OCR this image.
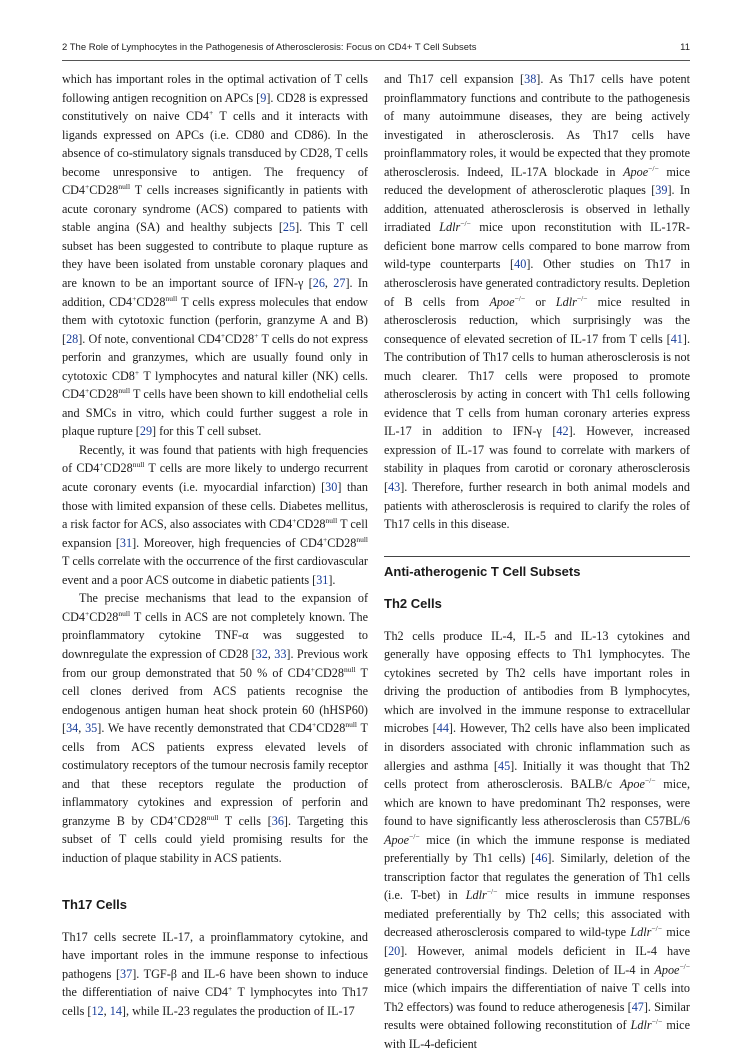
2 The Role of Lymphocytes in the Pathogenesis of Atherosclerosis: Focus on CD4+ T Cell Subsets	11

which has important roles in the optimal activation of T cells following antigen recognition on APCs [9]. CD28 is expressed constitutively on naive CD4+ T cells and it interacts with ligands expressed on APCs (i.e. CD80 and CD86). In the absence of co-stimulatory signals transduced by CD28, T cells become unresponsive to antigen. The frequency of $CD4^+CD28^{null}$ T cells increases significantly in patients with acute coronary syndrome (ACS) compared to patients with stable angina (SA) and healthy subjects [25]. This T cell subset has been suggested to contribute to plaque rupture as they have been isolated from unstable coronary plaques and are known to be an important source of IFN-γ [26, 27]. In addition, $CD4^+CD28^{null}$ T cells express molecules that endow them with cytotoxic function (perforin, granzyme A and B) [28]. Of note, conventional CD4+CD28+ T cells do not express perforin and granzymes, which are usually found only in cytotoxic CD8+ T lymphocytes and natural killer (NK) cells. $CD4^+CD28^{null}$ T cells have been shown to kill endothelial cells and SMCs in vitro, which could further suggest a role in plaque rupture [29] for this T cell subset.

Recently, it was found that patients with high frequencies of $CD4^+CD28^{null}$ T cells are more likely to undergo recurrent acute coronary events (i.e. myocardial infarction) [30] than those with limited expansion of these cells. Diabetes mellitus, a risk factor for ACS, also associates with $CD4^+CD28^{null}$ T cell expansion [31]. Moreover, high frequencies of $CD4^+CD28^{null}$ T cells correlate with the occurrence of the first cardiovascular event and a poor ACS outcome in diabetic patients [31].

The precise mechanisms that lead to the expansion of $CD4^+CD28^{null}$ T cells in ACS are not completely known. The proinflammatory cytokine TNF-α was suggested to downregulate the expression of CD28 [32, 33]. Previous work from our group demonstrated that 50 % of $CD4^+CD28^{null}$ T cell clones derived from ACS patients recognise the endogenous antigen human heat shock protein 60 (hHSP60) [34, 35]. We have recently demonstrated that $CD4^+CD28^{null}$ T cells from ACS patients express elevated levels of costimulatory receptors of the tumour necrosis family receptor and that these receptors regulate the production of inflammatory cytokines and expression of perforin and granzyme B by $CD4^+CD28^{null}$ T cells [36]. Targeting this subset of T cells could yield promising results for the induction of plaque stability in ACS patients.

Th17 Cells

Th17 cells secrete IL-17, a proinflammatory cytokine, and have important roles in the immune response to infectious pathogens [37]. TGF-β and IL-6 have been shown to induce the differentiation of naive CD4+ T lymphocytes into Th17 cells [12, 14], while IL-23 regulates the production of IL-17

and Th17 cell expansion [38]. As Th17 cells have potent proinflammatory functions and contribute to the pathogenesis of many autoimmune diseases, they are being actively investigated in atherosclerosis. As Th17 cells have proinflammatory roles, it would be expected that they promote atherosclerosis. Indeed, IL-17A blockade in Apoe−/− mice reduced the development of atherosclerotic plaques [39]. In addition, attenuated atherosclerosis is observed in lethally irradiated Ldlr−/− mice upon reconstitution with IL-17R-deficient bone marrow cells compared to bone marrow from wild-type counterparts [40]. Other studies on Th17 in atherosclerosis have generated contradictory results. Depletion of B cells from Apoe−/− or Ldlr−/− mice resulted in atherosclerosis reduction, which surprisingly was the consequence of elevated secretion of IL-17 from T cells [41]. The contribution of Th17 cells to human atherosclerosis is not much clearer. Th17 cells were proposed to promote atherosclerosis by acting in concert with Th1 cells following evidence that T cells from human coronary arteries express IL-17 in addition to IFN-γ [42]. However, increased expression of IL-17 was found to correlate with markers of stability in plaques from carotid or coronary atherosclerosis [43]. Therefore, further research in both animal models and patients with atherosclerosis is required to clarify the roles of Th17 cells in this disease.

Anti-atherogenic T Cell Subsets
Th2 Cells

Th2 cells produce IL-4, IL-5 and IL-13 cytokines and generally have opposing effects to Th1 lymphocytes. The cytokines secreted by Th2 cells have important roles in driving the production of antibodies from B lymphocytes, which are involved in the immune response to extracellular microbes [44]. However, Th2 cells have also been implicated in disorders associated with chronic inflammation such as allergies and asthma [45]. Initially it was thought that Th2 cells protect from atherosclerosis. BALB/c Apoe−/− mice, which are known to have predominant Th2 responses, were found to have significantly less atherosclerosis than C57BL/6 Apoe−/− mice (in which the immune response is mediated preferentially by Th1 cells) [46]. Similarly, deletion of the transcription factor that regulates the generation of Th1 cells (i.e. T-bet) in Ldlr−/− mice results in immune responses mediated preferentially by Th2 cells; this associated with decreased atherosclerosis compared to wild-type Ldlr−/− mice [20]. However, animal models deficient in IL-4 have generated controversial findings. Deletion of IL-4 in Apoe−/− mice (which impairs the differentiation of naive T cells into Th2 effectors) was found to reduce atherogenesis [47]. Similar results were obtained following reconstitution of Ldlr−/− mice with IL-4-deficient
